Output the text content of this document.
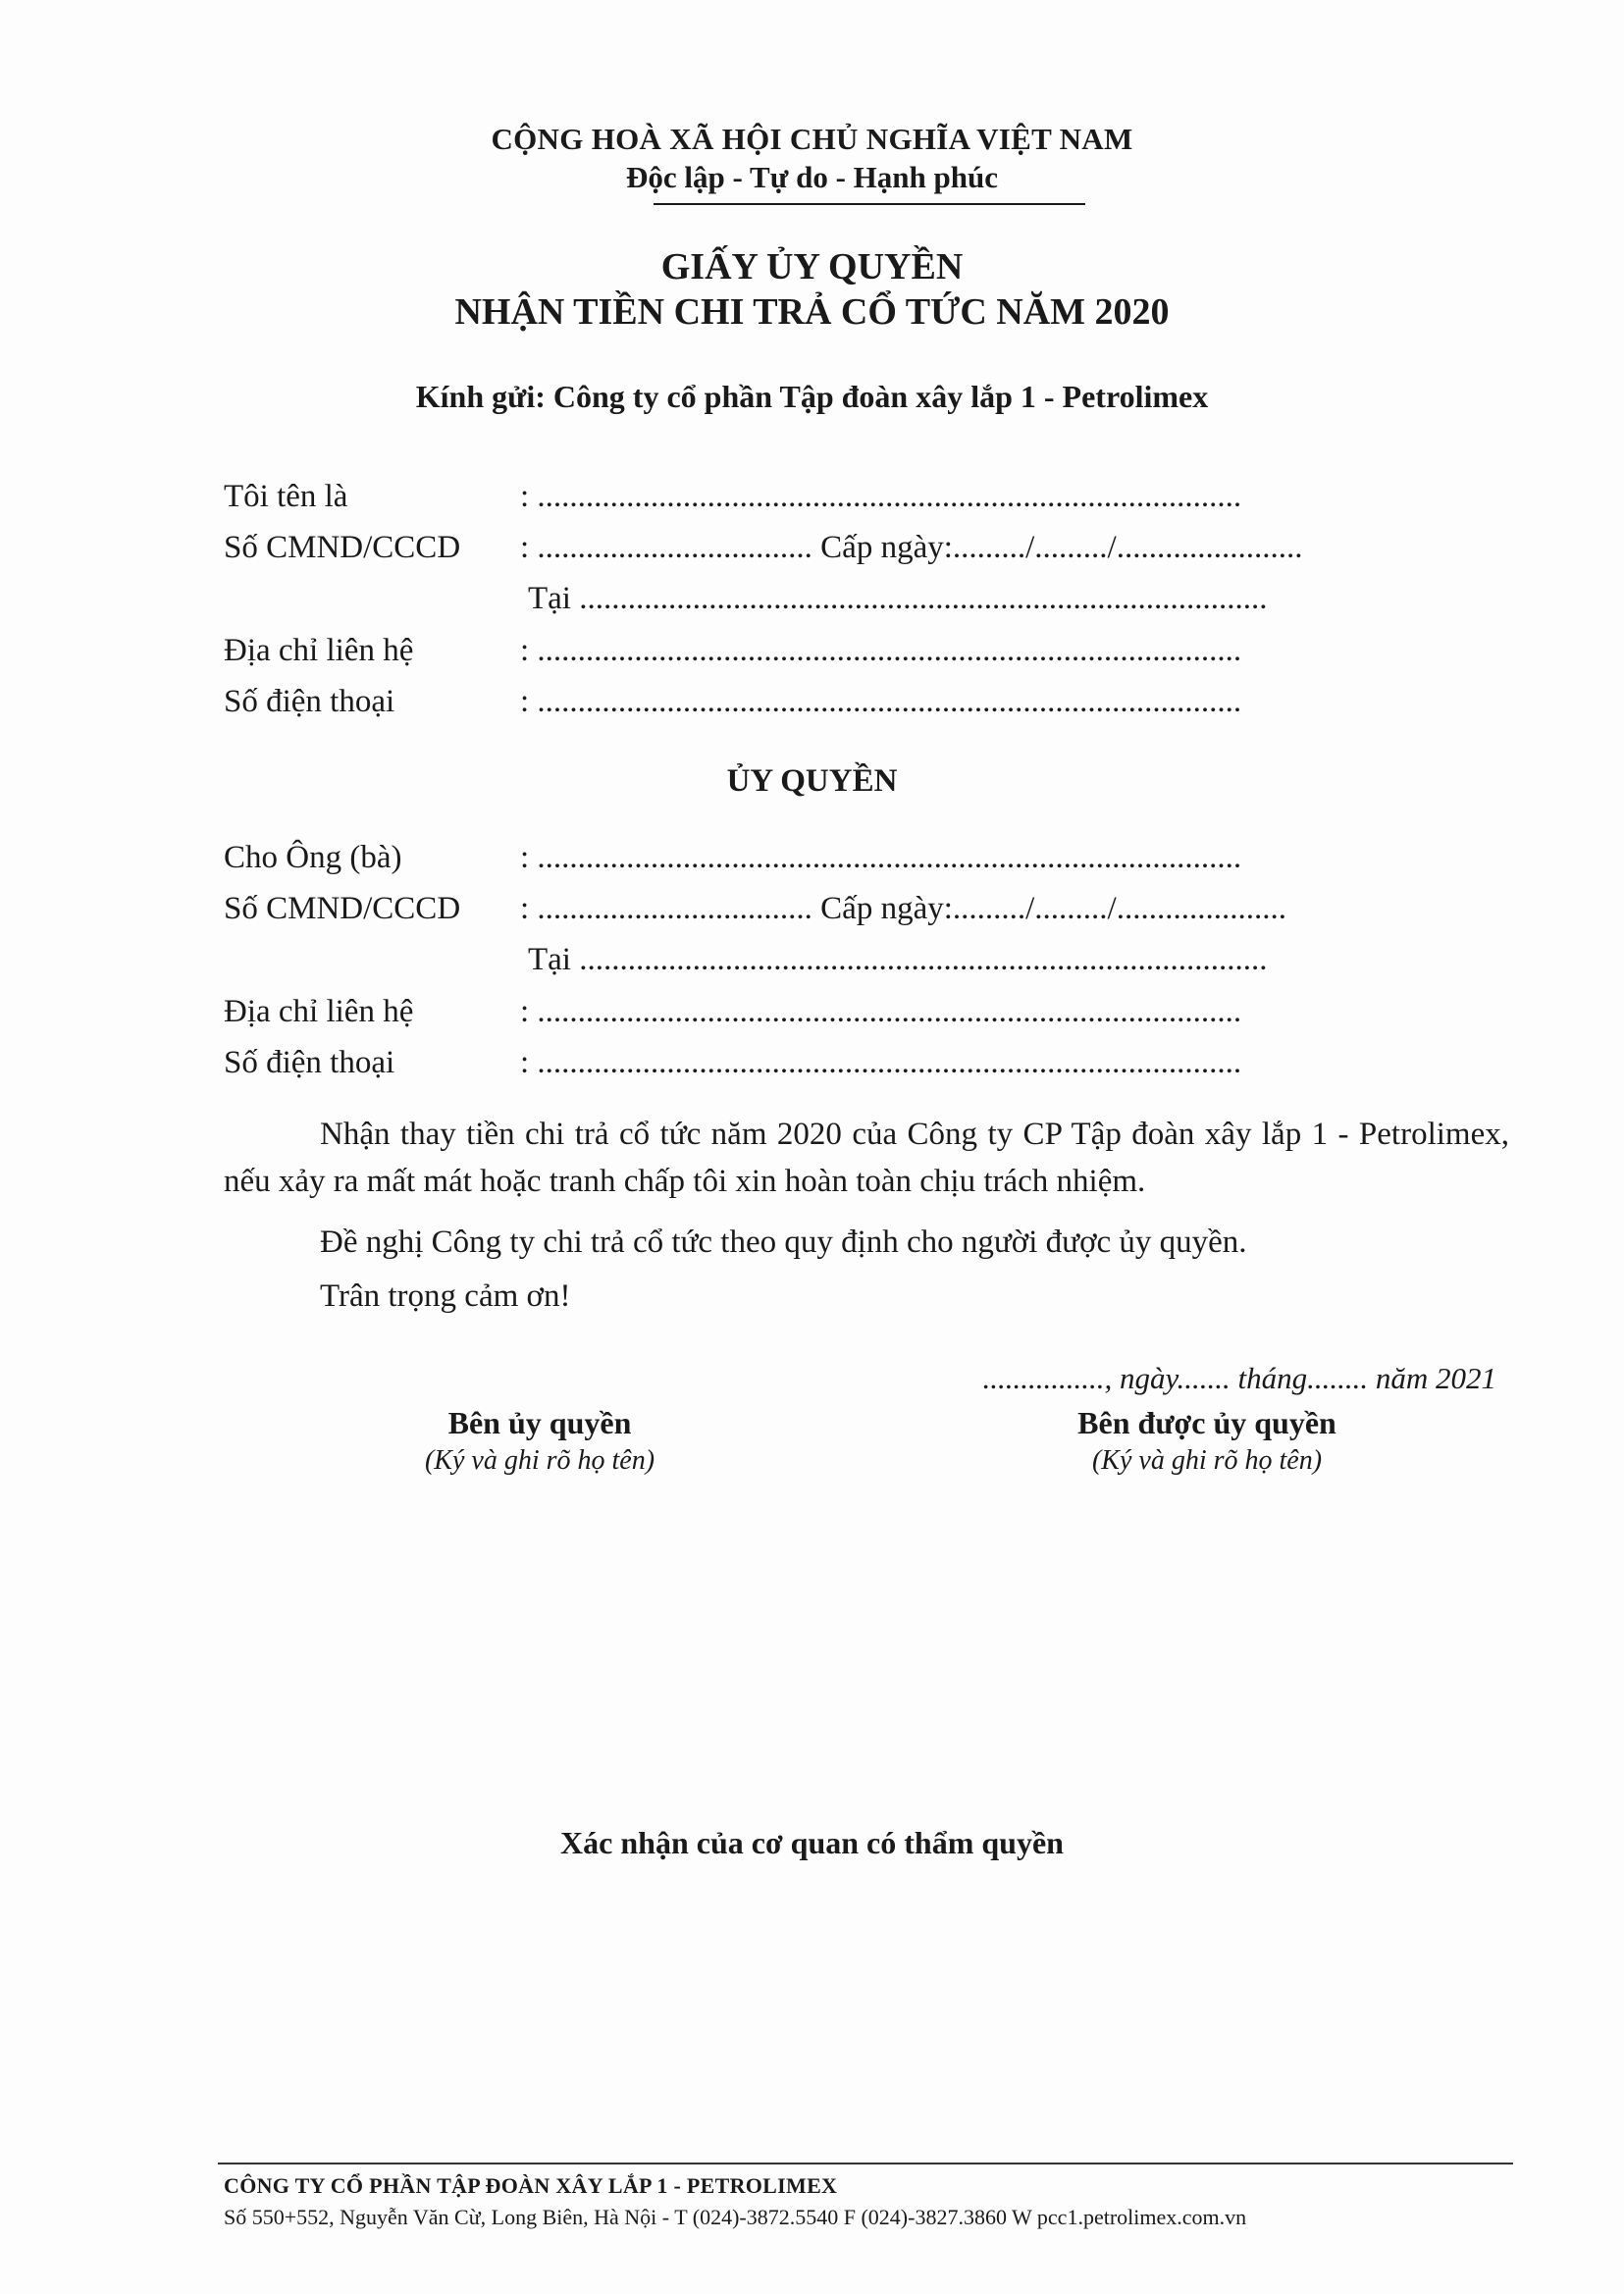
CỘNG HOÀ XÃ HỘI CHỦ NGHĨA VIỆT NAM
Độc lập - Tự do - Hạnh phúc
GIẤY ỦY QUYỀN
NHẬN TIỀN CHI TRẢ CỔ TỨC NĂM 2020
Kính gửi: Công ty cổ phần Tập đoàn xây lắp 1 - Petrolimex
Tôi tên là	: .......................................................................................
Số CMND/CCCD : .................................. Cấp ngày:........./........./.......................
Tại .....................................................................................
Địa chỉ liên hệ	: .......................................................................................
Số điện thoại	: .......................................................................................
ỦY QUYỀN
Cho Ông (bà)	: .......................................................................................
Số CMND/CCCD : .................................. Cấp ngày:........./........./.....................
Tại .....................................................................................
Địa chỉ liên hệ	: .......................................................................................
Số điện thoại	: .......................................................................................
Nhận thay tiền chi trả cổ tức năm 2020 của Công ty CP Tập đoàn xây lắp 1 - Petrolimex, nếu xảy ra mất mát hoặc tranh chấp tôi xin hoàn toàn chịu trách nhiệm.
Đề nghị Công ty chi trả cổ tức theo quy định cho người được ủy quyền.
Trân trọng cảm ơn!
................, ngày....... tháng........ năm 2021
Bên ủy quyền
(Ký và ghi rõ họ tên)
Bên được ủy quyền
(Ký và ghi rõ họ tên)
Xác nhận của cơ quan có thẩm quyền
CÔNG TY CỔ PHẦN TẬP ĐOÀN XÂY LẮP 1 - PETROLIMEX
Số 550+552, Nguyễn Văn Cừ, Long Biên, Hà Nội - T (024)-3872.5540 F (024)-3827.3860 W pcc1.petrolimex.com.vn
